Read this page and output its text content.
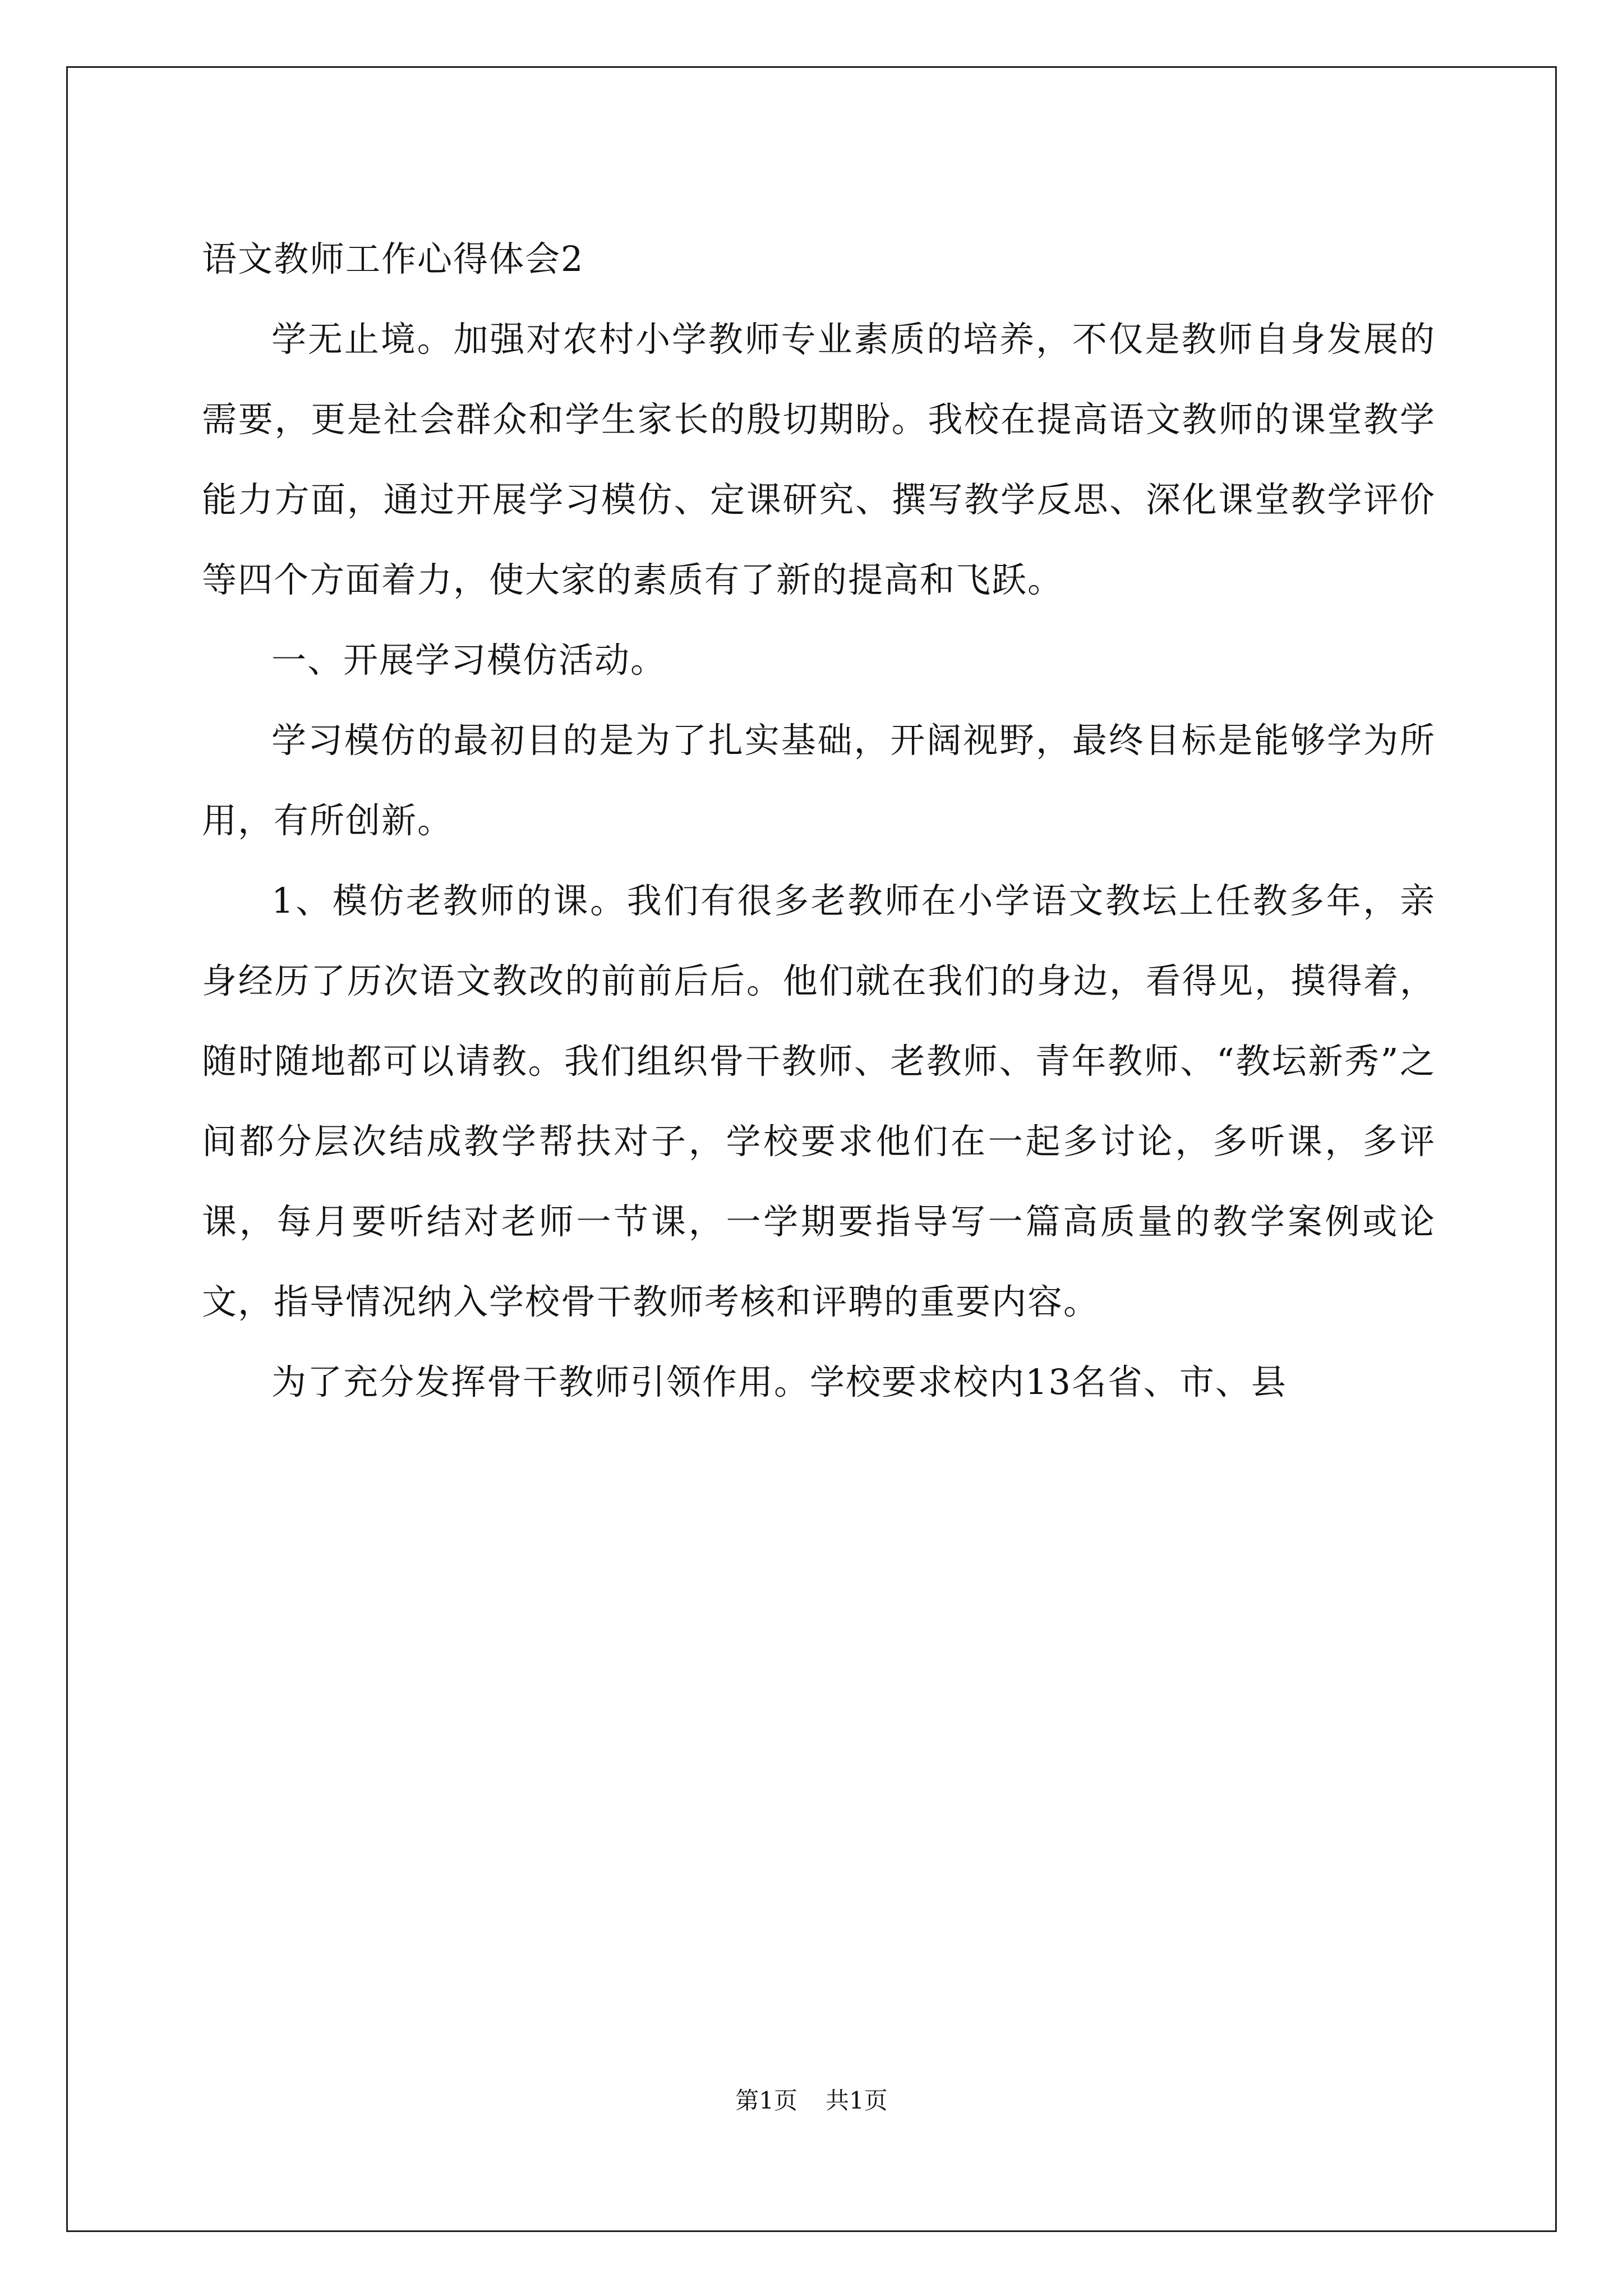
语文教师工作心得体会2

学无止境。加强对农村小学教师专业素质的培养，不仅是教师自身发展的需要，更是社会群众和学生家长的殷切期盼。我校在提高语文教师的课堂教学能力方面，通过开展学习模仿、定课研究、撰写教学反思、深化课堂教学评价等四个方面着力，使大家的素质有了新的提高和飞跃。

一、开展学习模仿活动。

学习模仿的最初目的是为了扎实基础，开阔视野，最终目标是能够学为所用，有所创新。

1、模仿老教师的课。我们有很多老教师在小学语文教坛上任教多年，亲身经历了历次语文教改的前前后后。他们就在我们的身边，看得见，摸得着，随时随地都可以请教。我们组织骨干教师、老教师、青年教师、“教坛新秀”之间都分层次结成教学帮扶对子，学校要求他们在一起多讨论，多听课，多评课，每月要听结对老师一节课，一学期要指导写一篇高质量的教学案例或论文，指导情况纳入学校骨干教师考核和评聘的重要内容。

为了充分发挥骨干教师引领作用。学校要求校内13名省、市、县

第1页 共1页
